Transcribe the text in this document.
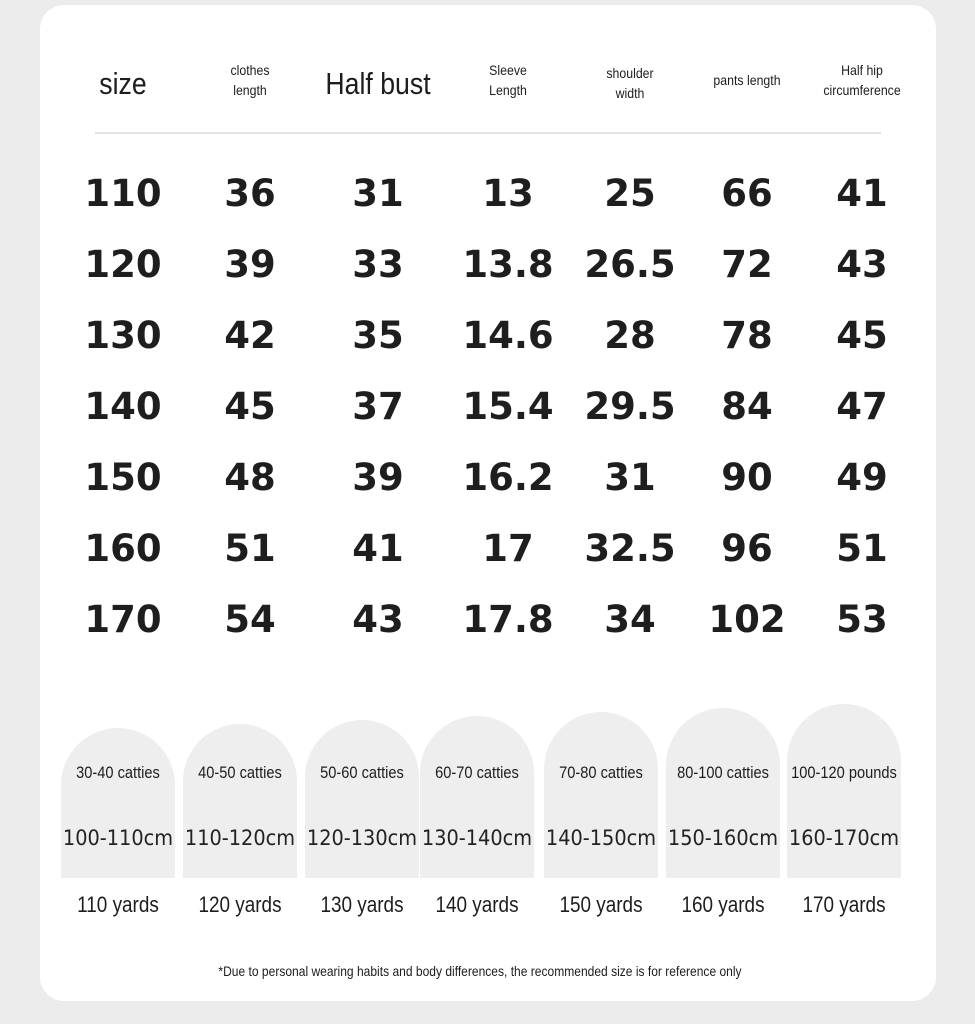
size	clothes
length Half bust	Sleeve
Length
shoulder
width
pants length
Half hip
circumference
110 36 31 13 25 66 41
120 39 33 13.8 26.5 72 43
130 42 35 14.6 28 78 45
140 45 37 15.4 29.5 84 47
150 48 39 16.2 31 90 49
160 51 41 17 32.5 96 51
170 54 43 17.8 34 102 53
30-40 catties
100-110cm
110 yards
40-50 catties
110-120cm
120 yards
50-60 catties
120-130cm
130 yards
60-70 catties
130-140cm
140 yards
70-80 catties
140-150cm
150 yards
80-100 catties
150-160cm
160 yards
100-120 pounds
160-170cm
170 yards
*Due to personal wearing habits and body differences, the recommended size is for reference only
